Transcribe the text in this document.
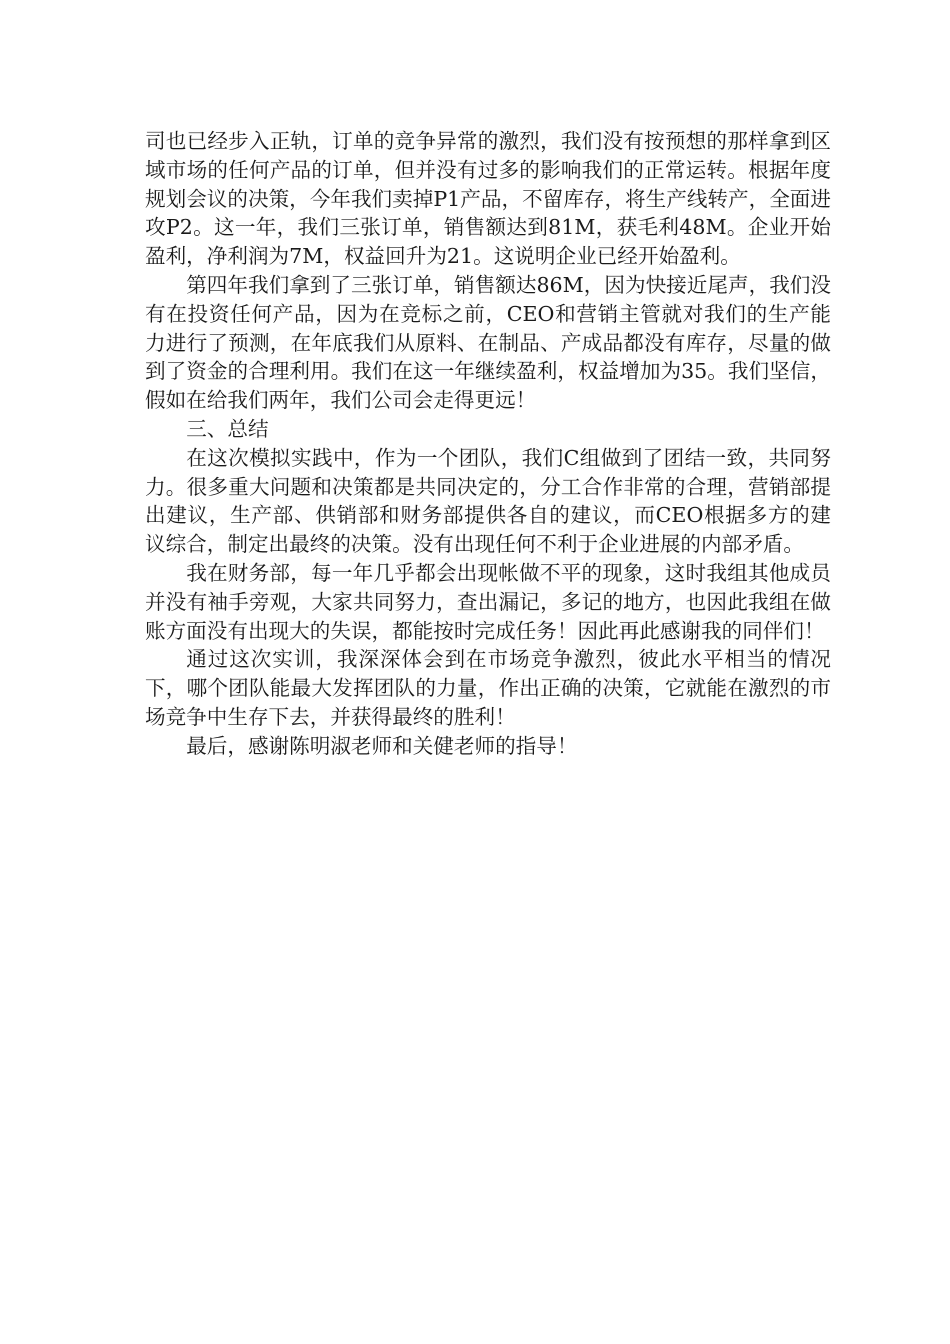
司也已经步入正轨，订单的竞争异常的激烈，我们没有按预想的那样拿到区域市场的任何产品的订单，但并没有过多的影响我们的正常运转。根据年度规划会议的决策，今年我们卖掉P1产品，不留库存，将生产线转产，全面进攻P2。这一年，我们三张订单，销售额达到81M，获毛利48M。企业开始盈利，净利润为7M，权益回升为21。这说明企业已经开始盈利。

第四年我们拿到了三张订单，销售额达86M，因为快接近尾声，我们没有在投资任何产品，因为在竞标之前，CEO和营销主管就对我们的生产能力进行了预测，在年底我们从原料、在制品、产成品都没有库存，尽量的做到了资金的合理利用。我们在这一年继续盈利，权益增加为35。我们坚信，假如在给我们两年，我们公司会走得更远！

三、总结

在这次模拟实践中，作为一个团队，我们C组做到了团结一致，共同努力。很多重大问题和决策都是共同决定的，分工合作非常的合理，营销部提出建议，生产部、供销部和财务部提供各自的建议，而CEO根据多方的建议综合，制定出最终的决策。没有出现任何不利于企业进展的内部矛盾。

我在财务部，每一年几乎都会出现帐做不平的现象，这时我组其他成员并没有袖手旁观，大家共同努力，查出漏记，多记的地方，也因此我组在做账方面没有出现大的失误，都能按时完成任务！因此再此感谢我的同伴们！

通过这次实训，我深深体会到在市场竞争激烈，彼此水平相当的情况下，哪个团队能最大发挥团队的力量，作出正确的决策，它就能在激烈的市场竞争中生存下去，并获得最终的胜利！

最后，感谢陈明淑老师和关健老师的指导！
